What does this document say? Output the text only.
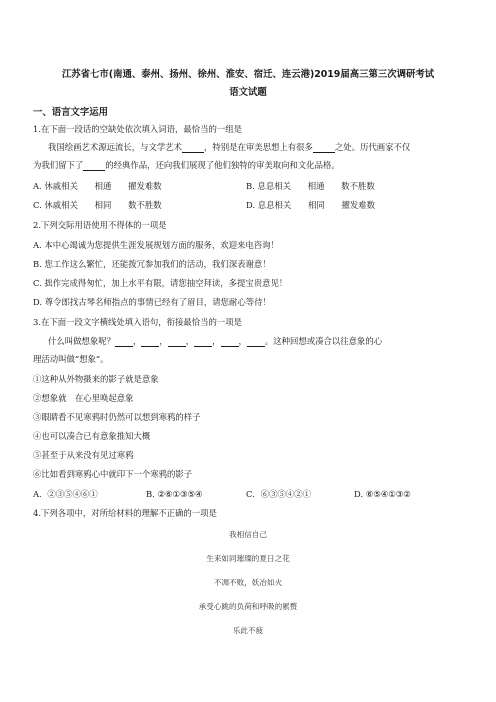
江苏省七市(南通、泰州、扬州、徐州、淮安、宿迁、连云港)2019届高三第三次调研考试
语文试题
一、语言文字运用
1.在下面一段话的空缺处依次填入词语，最恰当的一组是
我国绘画艺术源远流长，与文学艺术	，特别是在审美思想上有很多	之处。历代画家不仅
为我们留下了	的经典作品，还向我们展现了他们独特的审美取向和文化品格。
A. 休戚相关　　相通　　擢发难数	B. 息息相关　　相通　　数不胜数
C. 休戚相关　　相同　　数不胜数	D. 息息相关　　相同　　擢发难数
2.下列交际用语使用不得体的一项是
A. 本中心竭诚为您提供生涯发展规划方面的服务，欢迎来电咨询！
B. 您工作这么繁忙，还能拨冗参加我们的活动，我们深表谢意！
C. 拙作完成得匆忙，加上水平有限，请您抽空拜读，多提宝贵意见！
D. 尊令郎找古琴名师指点的事情已经有了眉目，请您耐心等待！
3.在下面一段文字横线处填入语句，衔接最恰当的一项是
什么叫做想象呢？ ， ， ， ， ， 。这种回想或凑合以往意象的心
理活动叫做“想象”。
①这种从外物摄来的影子就是意象
②想象就　在心里唤起意象
③眼睛看不见寒鸦时仍然可以想到寒鸦的样子
④也可以凑合已有意象推知大概
⑤甚至于从来没有见过寒鸦
⑥比如看到寒鸦心中就印下一个寒鸦的影子
A．②③⑤④⑥①	B. ②⑥①③⑤④	C．⑥③⑤④②①	D. ⑥⑤④①③②
4.下列各项中，对所给材料的理解不正确的一项是
我相信自己
生来如同璀璨的夏日之花
不凋不败，妖冶如火
承受心跳的负荷和呼吸的累赘
乐此不疲
